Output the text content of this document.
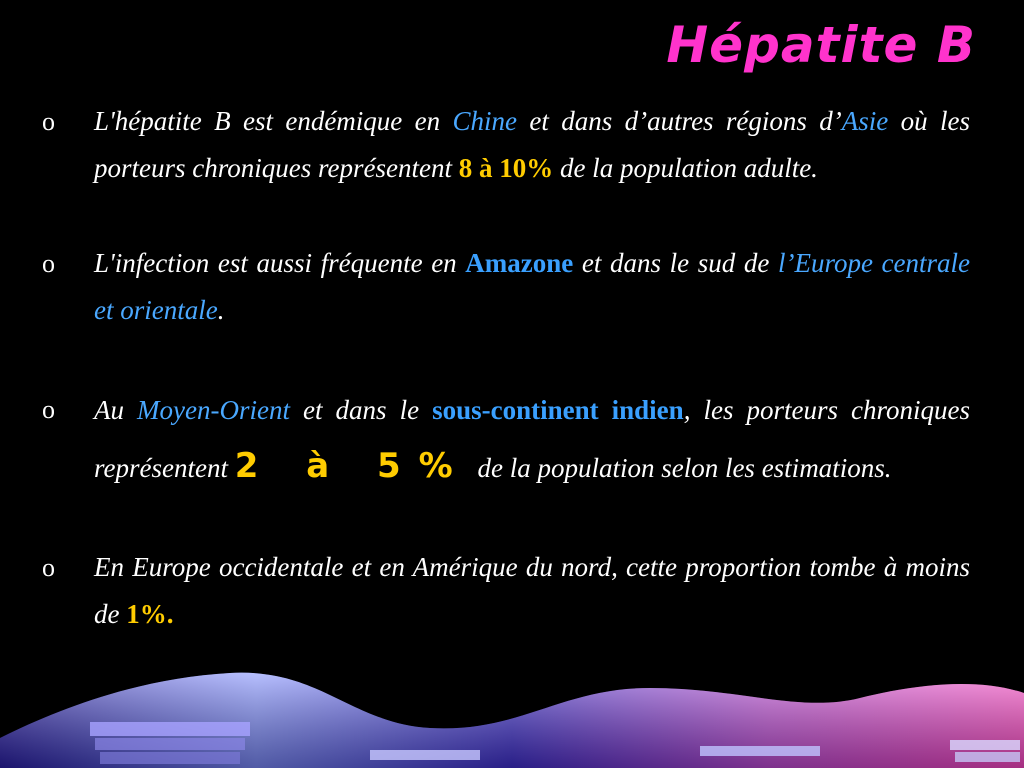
Hépatite B
o L'hépatite B est endémique en Chine et dans d’autres régions d’Asie où les porteurs chroniques représentent 8 à 10% de la population adulte.
o L'infection est aussi fréquente en Amazone et dans le sud de l’Europe centrale et orientale.
o Au Moyen-Orient et dans le sous-continent indien, les porteurs chroniques représentent 2 à 5% de la population selon les estimations.
o En Europe occidentale et en Amérique du nord, cette proportion tombe à moins de 1%.
